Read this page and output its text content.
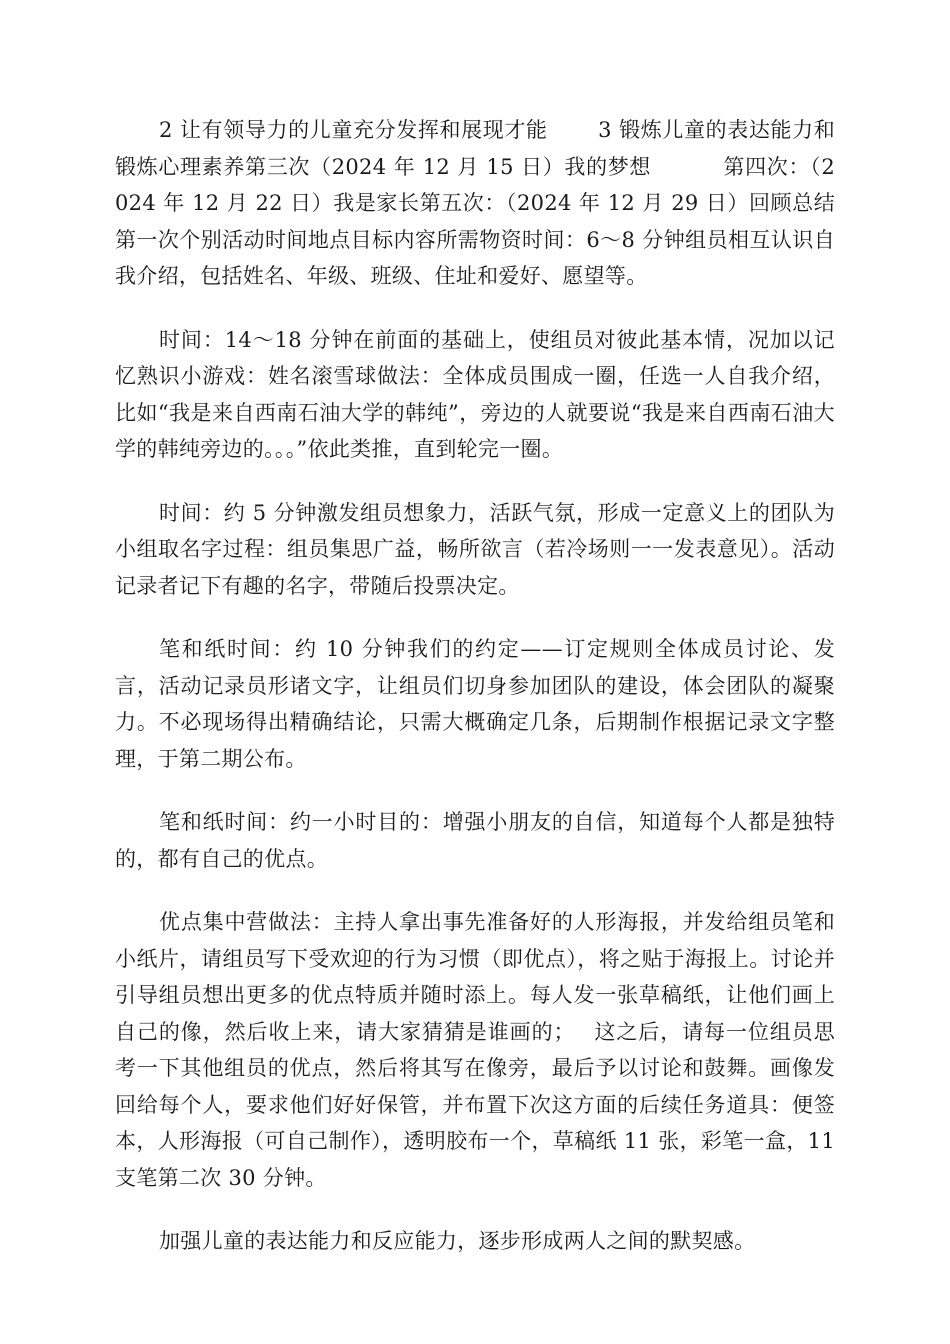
2 让有领导力的儿童充分发挥和展现才能　　 3 锻炼儿童的表达能力和锻炼心理素养第三次（2024 年 12 月 15 日）我的梦想　　　 第四次：（2024 年 12 月 22 日）我是家长第五次：（2024 年 12 月 29 日）回顾总结第一次个别活动时间地点目标内容所需物资时间：6～8 分钟组员相互认识自我介绍，包括姓名、年级、班级、住址和爱好、愿望等。

时间：14～18 分钟在前面的基础上，使组员对彼此基本情，况加以记忆熟识小游戏：姓名滚雪球做法：全体成员围成一圈，任选一人自我介绍，比如“我是来自西南石油大学的韩纯”，旁边的人就要说“我是来自西南石油大学的韩纯旁边的。。。”依此类推，直到轮完一圈。

时间：约 5 分钟激发组员想象力，活跃气氛，形成一定意义上的团队为小组取名字过程：组员集思广益，畅所欲言（若冷场则一一发表意见）。活动记录者记下有趣的名字，带随后投票决定。

笔和纸时间：约 10 分钟我们的约定——订定规则全体成员讨论、发言，活动记录员形诸文字，让组员们切身参加团队的建设，体会团队的凝聚力。不必现场得出精确结论，只需大概确定几条，后期制作根据记录文字整理，于第二期公布。

笔和纸时间：约一小时目的：增强小朋友的自信，知道每个人都是独特的，都有自己的优点。

优点集中营做法：主持人拿出事先准备好的人形海报，并发给组员笔和小纸片，请组员写下受欢迎的行为习惯（即优点），将之贴于海报上。讨论并引导组员想出更多的优点特质并随时添上。每人发一张草稿纸，让他们画上自己的像，然后收上来，请大家猜猜是谁画的；　 这之后，请每一位组员思考一下其他组员的优点，然后将其写在像旁，最后予以讨论和鼓舞。画像发回给每个人，要求他们好好保管，并布置下次这方面的后续任务道具：便签本，人形海报（可自己制作），透明胶布一个，草稿纸 11 张，彩笔一盒，11 支笔第二次 30 分钟。

加强儿童的表达能力和反应能力，逐步形成两人之间的默契感。
